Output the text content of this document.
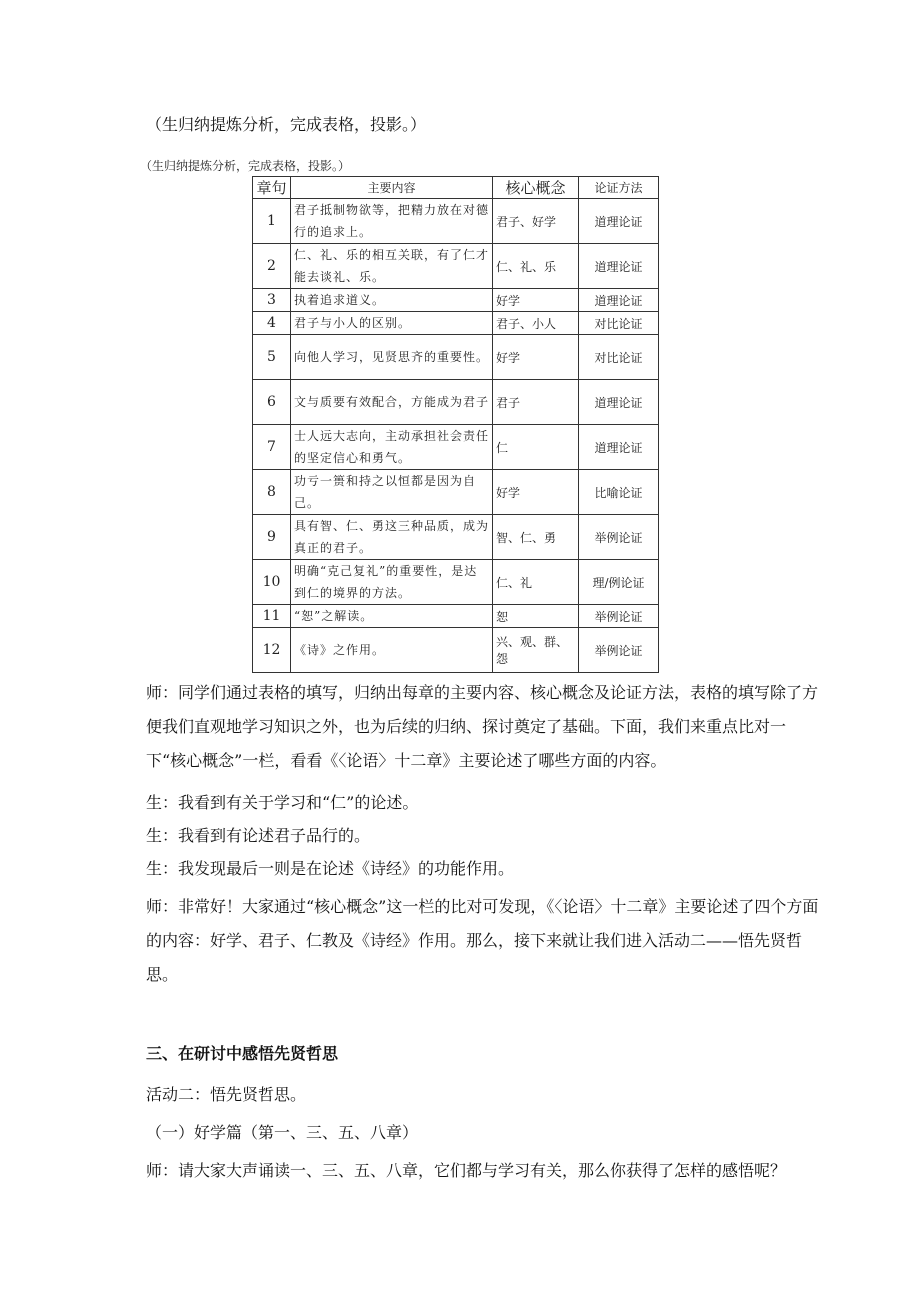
（生归纳提炼分析，完成表格，投影。）
（生归纳提炼分析，完成表格，投影。）
章句	主要内容	核心概念	论证方法
1	君子抵制物欲等，把精力放在对德行的追求上。	君子、好学	道理论证
2	仁、礼、乐的相互关联，有了仁才能去谈礼、乐。	仁、礼、乐	道理论证
3	执着追求道义。	好学	道理论证
4	君子与小人的区别。	君子、小人	对比论证
5	向他人学习，见贤思齐的重要性。	好学	对比论证
6	文与质要有效配合，方能成为君子	君子	道理论证
7	士人远大志向，主动承担社会责任的坚定信心和勇气。	仁	道理论证
8	功亏一篑和持之以恒都是因为自己。	好学	比喻论证
9	具有智、仁、勇这三种品质，成为真正的君子。	智、仁、勇	举例论证
10	明确“克己复礼”的重要性，是达到仁的境界的方法。	仁、礼	理/例论证
11	“恕”之解读。	恕	举例论证
12	《诗》之作用。	兴、观、群、怨	举例论证

师：同学们通过表格的填写，归纳出每章的主要内容、核心概念及论证方法，表格的填写除了方便我们直观地学习知识之外，也为后续的归纳、探讨奠定了基础。下面，我们来重点比对一下“核心概念”一栏，看看《〈论语〉十二章》主要论述了哪些方面的内容。

生：我看到有关于学习和“仁”的论述。

生：我看到有论述君子品行的。

生：我发现最后一则是在论述《诗经》的功能作用。

师：非常好！大家通过“核心概念”这一栏的比对可发现，《〈论语〉十二章》主要论述了四个方面的内容：好学、君子、仁教及《诗经》作用。那么，接下来就让我们进入活动二——悟先贤哲思。

三、在研讨中感悟先贤哲思

活动二：悟先贤哲思。

（一）好学篇（第一、三、五、八章）

师：请大家大声诵读一、三、五、八章，它们都与学习有关，那么你获得了怎样的感悟呢？
